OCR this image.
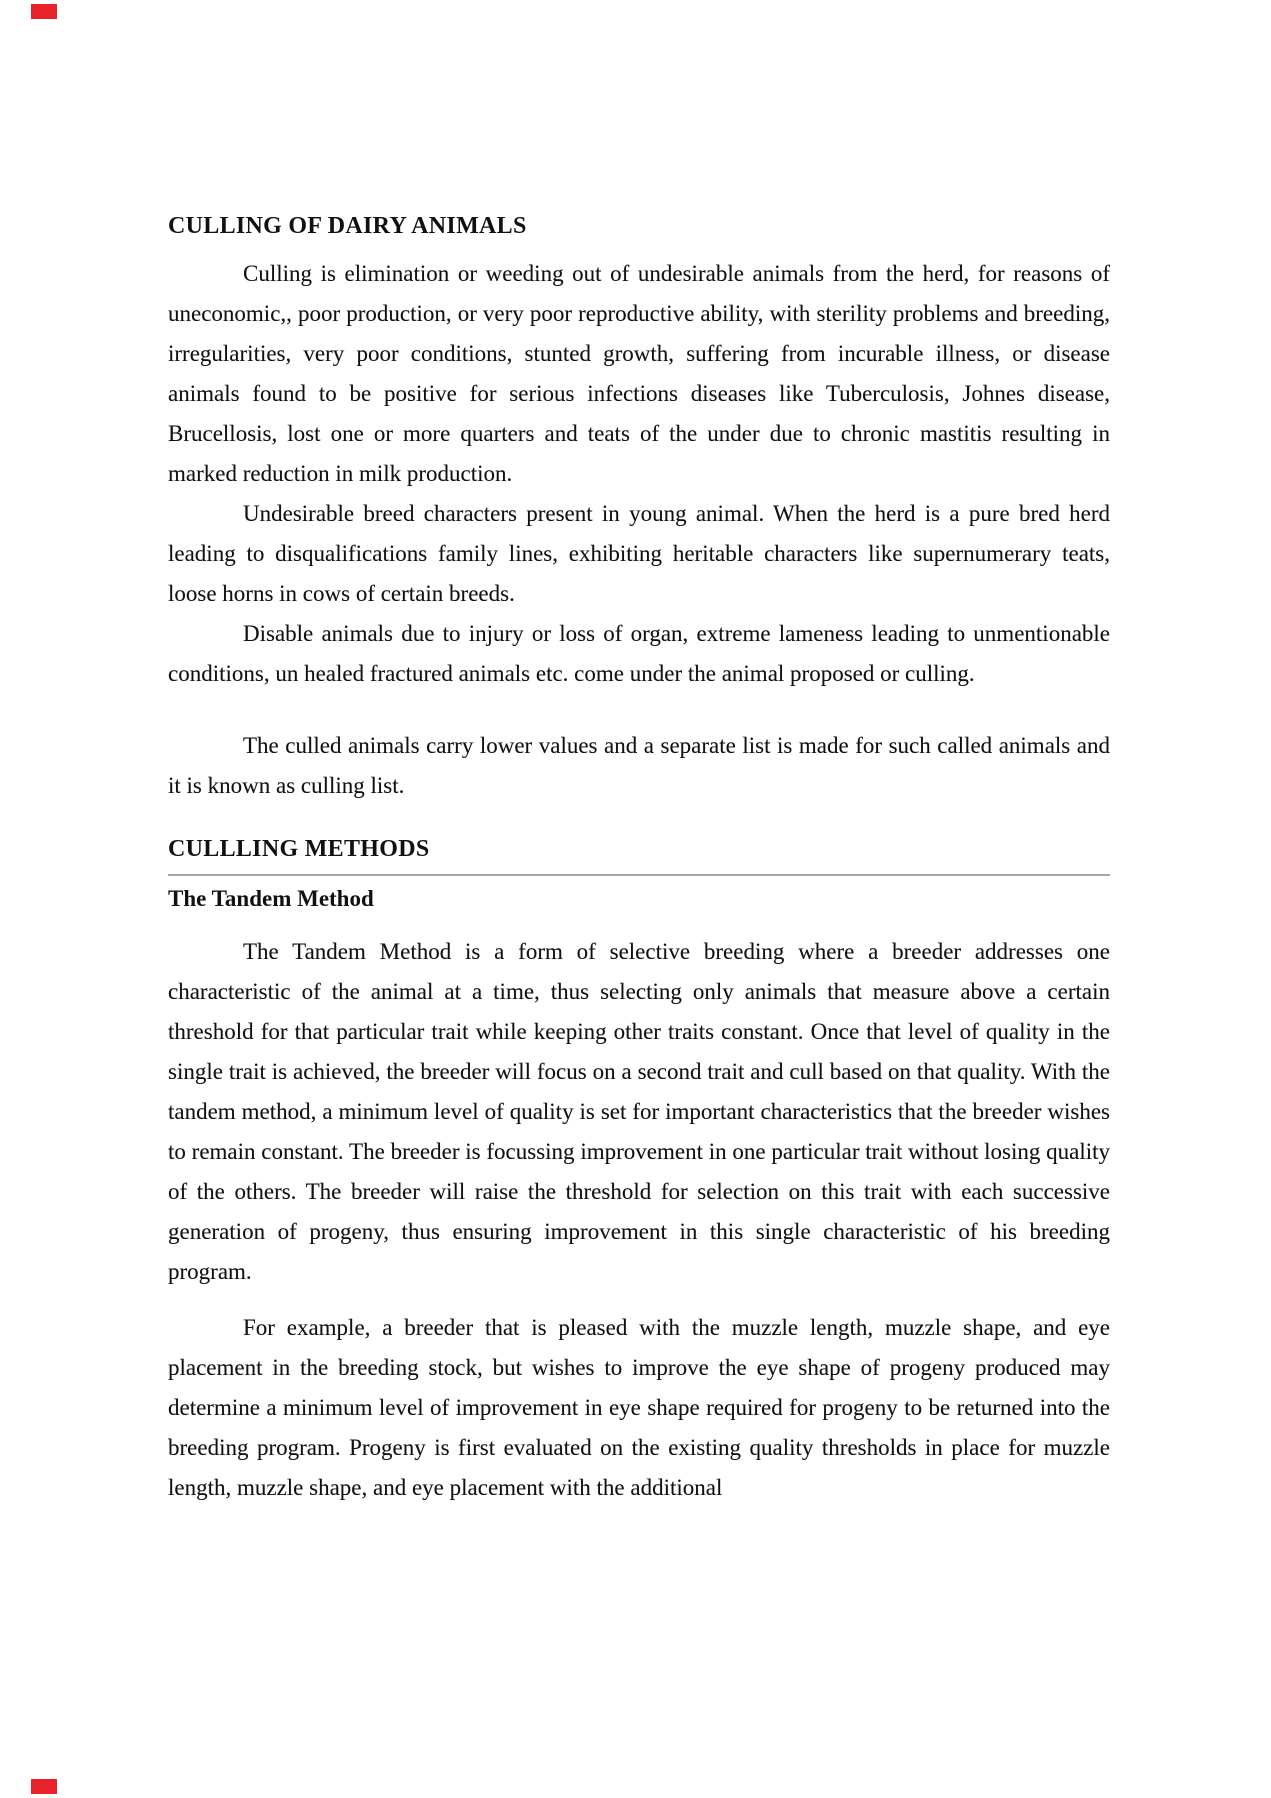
CULLING OF DAIRY ANIMALS

Culling is elimination or weeding out of undesirable animals from the herd, for reasons of uneconomic,, poor production, or very poor reproductive ability, with sterility problems and breeding, irregularities, very poor conditions, stunted growth, suffering from incurable illness, or disease animals found to be positive for serious infections diseases like Tuberculosis, Johnes disease, Brucellosis, lost one or more quarters and teats of the under due to chronic mastitis resulting in marked reduction in milk production.

Undesirable breed characters present in young animal. When the herd is a pure bred herd leading to disqualifications family lines, exhibiting heritable characters like supernumerary teats, loose horns in cows of certain breeds.

Disable animals due to injury or loss of organ, extreme lameness leading to unmentionable conditions, un healed fractured animals etc. come under the animal proposed or culling.

The culled animals carry lower values and a separate list is made for such called animals and it is known as culling list.

CULLLING METHODS
The Tandem Method

The Tandem Method is a form of selective breeding where a breeder addresses one characteristic of the animal at a time, thus selecting only animals that measure above a certain threshold for that particular trait while keeping other traits constant. Once that level of quality in the single trait is achieved, the breeder will focus on a second trait and cull based on that quality. With the tandem method, a minimum level of quality is set for important characteristics that the breeder wishes to remain constant. The breeder is focussing improvement in one particular trait without losing quality of the others. The breeder will raise the threshold for selection on this trait with each successive generation of progeny, thus ensuring improvement in this single characteristic of his breeding program.

For example, a breeder that is pleased with the muzzle length, muzzle shape, and eye placement in the breeding stock, but wishes to improve the eye shape of progeny produced may determine a minimum level of improvement in eye shape required for progeny to be returned into the breeding program. Progeny is first evaluated on the existing quality thresholds in place for muzzle length, muzzle shape, and eye placement with the additional
